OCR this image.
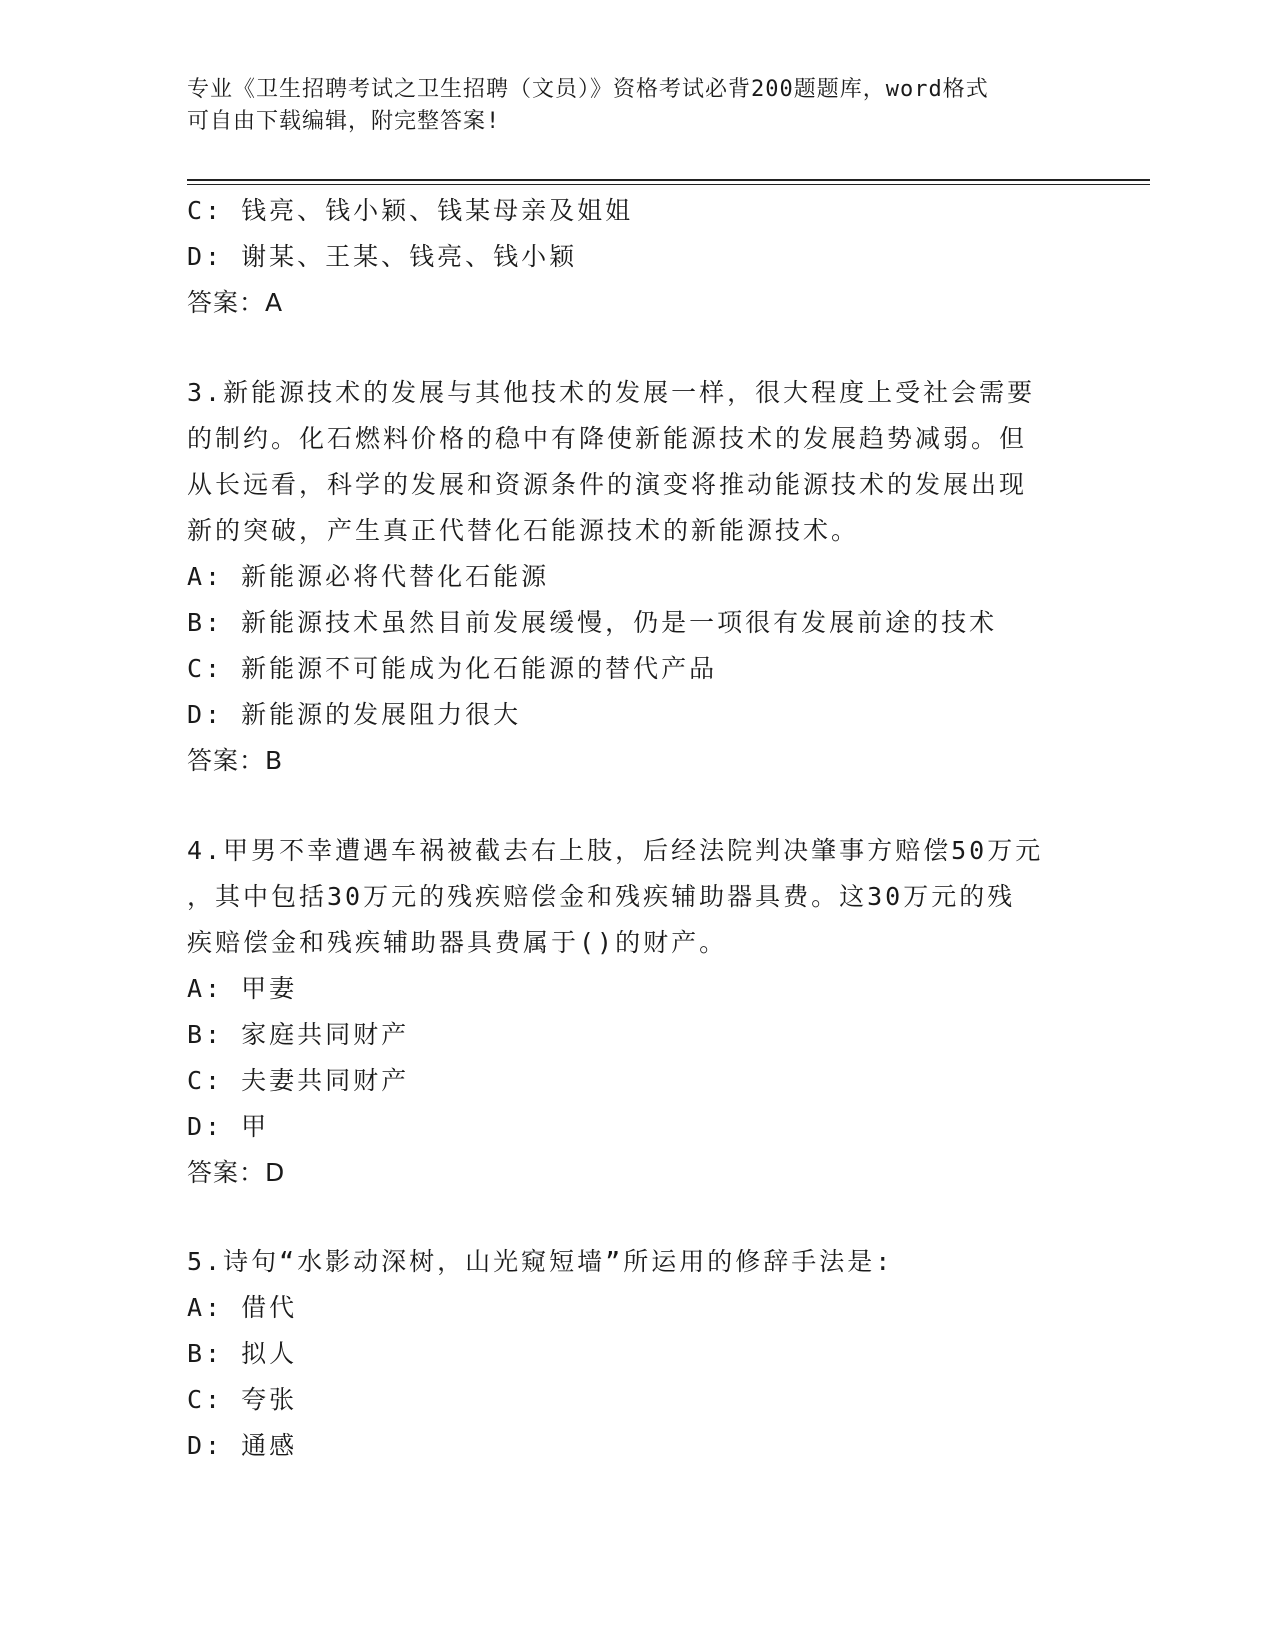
专业《卫生招聘考试之卫生招聘（文员）》资格考试必背200题题库，word格式
可自由下载编辑，附完整答案!
C: 钱亮、钱小颖、钱某母亲及姐姐
D: 谢某、王某、钱亮、钱小颖
答案：A
3.新能源技术的发展与其他技术的发展一样，很大程度上受社会需要
的制约。化石燃料价格的稳中有降使新能源技术的发展趋势减弱。但
从长远看，科学的发展和资源条件的演变将推动能源技术的发展出现
新的突破，产生真正代替化石能源技术的新能源技术。
A: 新能源必将代替化石能源
B: 新能源技术虽然目前发展缓慢，仍是一项很有发展前途的技术
C: 新能源不可能成为化石能源的替代产品
D: 新能源的发展阻力很大
答案：B
4.甲男不幸遭遇车祸被截去右上肢，后经法院判决肇事方赔偿50万元
，其中包括30万元的残疾赔偿金和残疾辅助器具费。这30万元的残
疾赔偿金和残疾辅助器具费属于()的财产。
A: 甲妻
B: 家庭共同财产
C: 夫妻共同财产
D: 甲
答案：D
5.诗句“水影动深树，山光窥短墙”所运用的修辞手法是:
A: 借代
B: 拟人
C: 夸张
D: 通感
